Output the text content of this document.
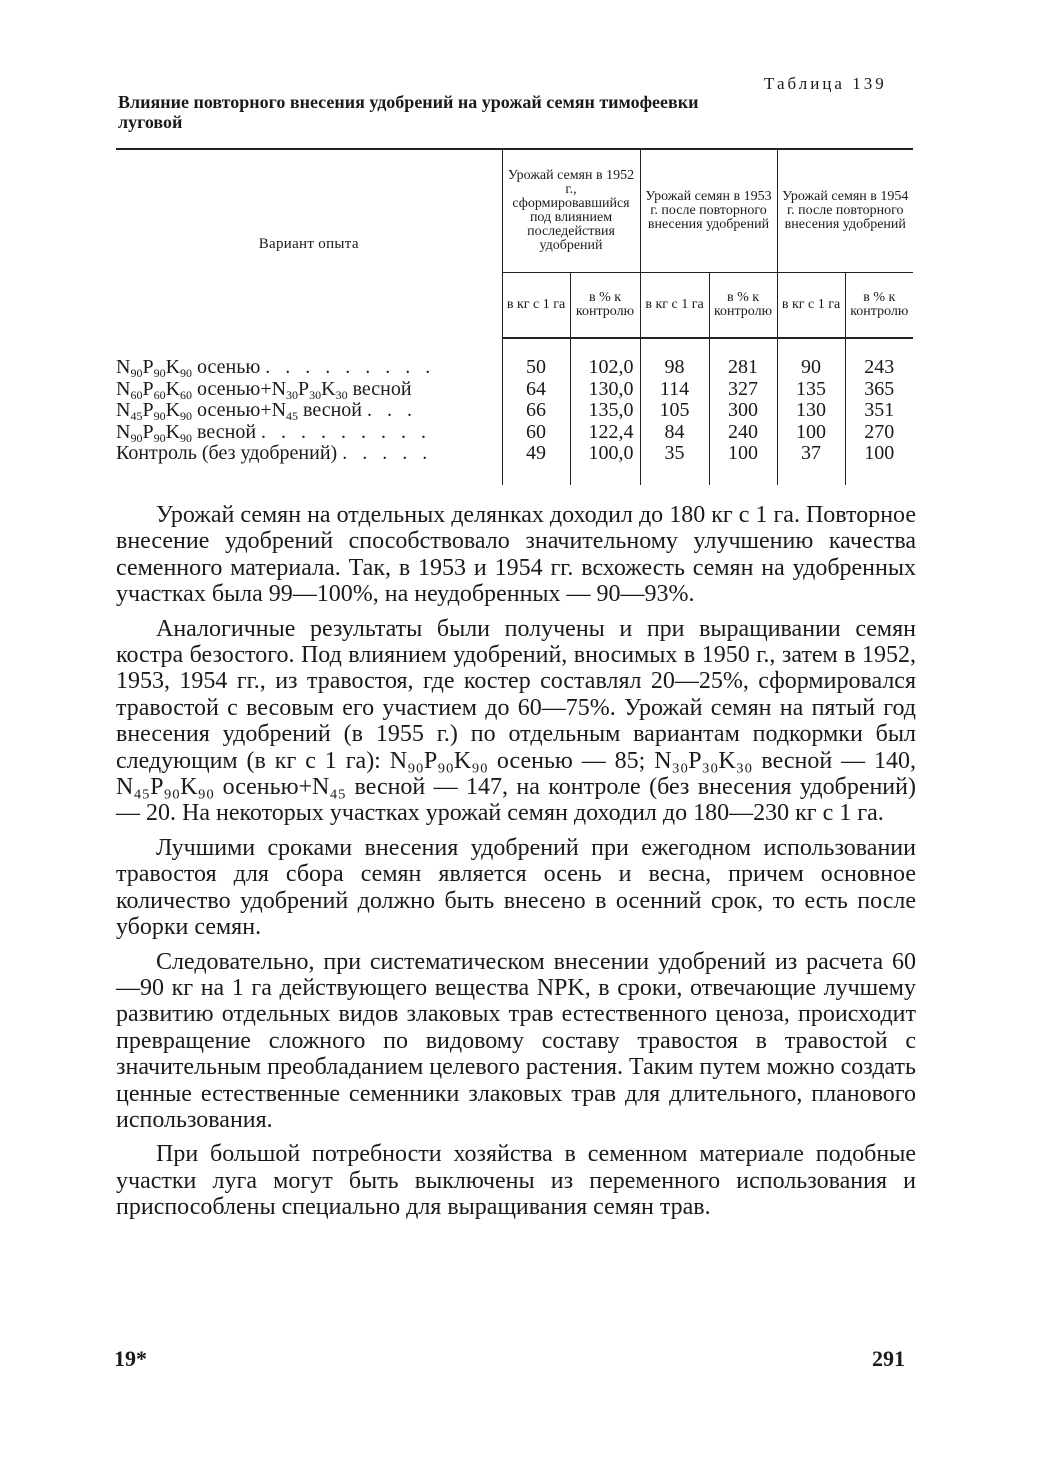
Таблица 139
Влияние повторного внесения удобрений на урожай семян тимофеевки луговой
Вариант опыта	Урожай семян в 1952 г., сформировавшийся под влиянием последействия удобрений		Урожай семян в 1953 г. после повторного внесения удобрений		Урожай семян в 1954 г. после повторного внесения удобрений	
	в кг с 1 га	в % к контролю	в кг с 1 га	в % к контролю	в кг с 1 га	в % к контролю
$N_{90}P_{90}K_{90}$ осенью . . . . . . . . .	50	102,0	98	281	90	243
$N_{60}P_{60}K_{60}$ $осенью+N_{30}P_{30}K_{30}$ весной	64	130,0	114	327	135	365
$N_{45}P_{90}K_{90}$ $осенью+N_{45}$ весной . . .	66	135,0	105	300	130	351
$N_{90}P_{90}K_{90}$ весной . . . . . . . . .	60	122,4	84	240	100	270
Контроль (без удобрений) . . . . .	49	100,0	35	100	37	100

Урожай семян на отдельных делянках доходил до 180 кг с 1 га. Повторное внесение удобрений способствовало значительному улучшению качества семенного материала. Так, в 1953 и 1954 гг. всхожесть семян на удобренных участках была 99—100%, на неудобренных — 90—93%.

Аналогичные результаты были получены и при выращивании семян костра безостого. Под влиянием удобрений, вносимых в 1950 г., затем в 1952, 1953, 1954 гг., из травостоя, где костер составлял 20—25%, сформировался травостой с весовым его участием до 60—75%. Урожай семян на пятый год внесения удобрений (в 1955 г.) по отдельным вариантам подкормки был следующим (в кг с 1 га): N₉₀P₉₀K₉₀ осенью — 85; N₃₀P₃₀K₃₀ весной — 140, N₄₅P₉₀K₉₀ осенью+N₄₅ весной — 147, на контроле (без внесения удобрений) — 20. На некоторых участках урожай семян доходил до 180—230 кг с 1 га.

Лучшими сроками внесения удобрений при ежегодном использовании травостоя для сбора семян является осень и весна, причем основное количество удобрений должно быть внесено в осенний срок, то есть после уборки семян.

Следовательно, при систематическом внесении удобрений из расчета 60—90 кг на 1 га действующего вещества NPK, в сроки, отвечающие лучшему развитию отдельных видов злаковых трав естественного ценоза, происходит превращение сложного по видовому составу травостоя в травостой с значительным преобладанием целевого растения. Таким путем можно создать ценные естественные семенники злаковых трав для длительного, планового использования.

При большой потребности хозяйства в семенном материале подобные участки луга могут быть выключены из переменного использования и приспособлены специально для выращивания семян трав.

19*	291
